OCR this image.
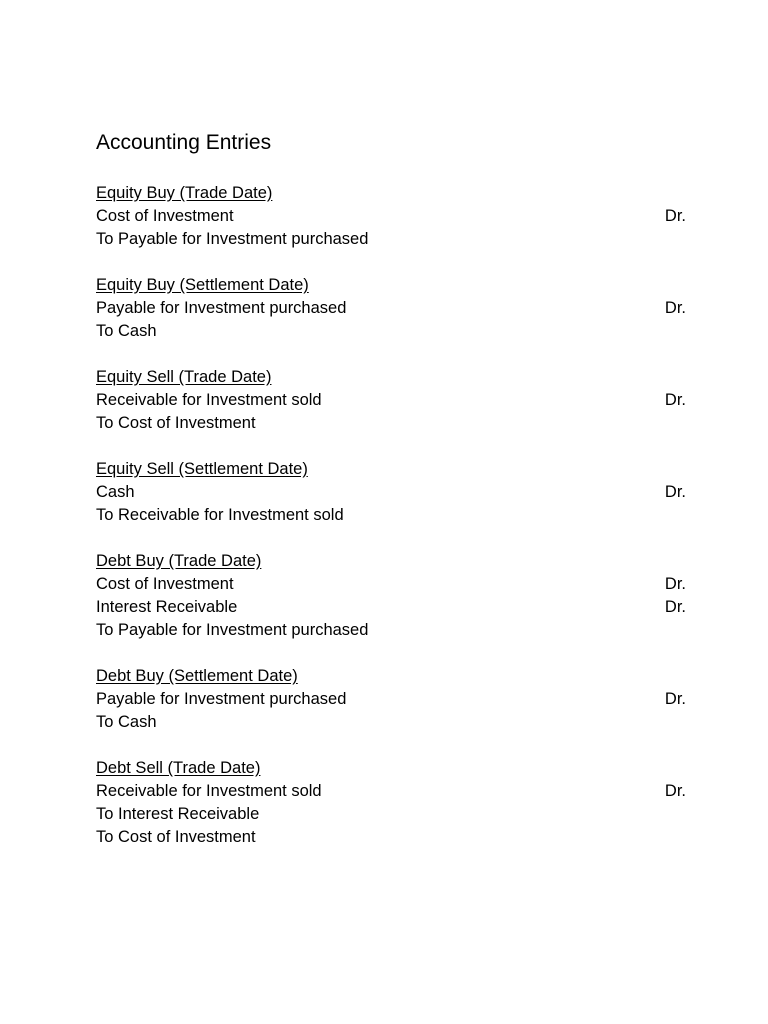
Accounting Entries
Equity Buy (Trade Date)
Cost of Investment	Dr.
To Payable for Investment purchased
Equity Buy (Settlement Date)
Payable for Investment purchased	Dr.
To Cash
Equity Sell (Trade Date)
Receivable for Investment sold	Dr.
To Cost of Investment
Equity Sell (Settlement Date)
Cash	Dr.
To Receivable for Investment sold
Debt Buy (Trade Date)
Cost of Investment	Dr.
Interest Receivable	Dr.
To Payable for Investment purchased
Debt Buy (Settlement Date)
Payable for Investment purchased	Dr.
To Cash
Debt Sell (Trade Date)
Receivable for Investment sold	Dr.
To Interest Receivable
To Cost of Investment
